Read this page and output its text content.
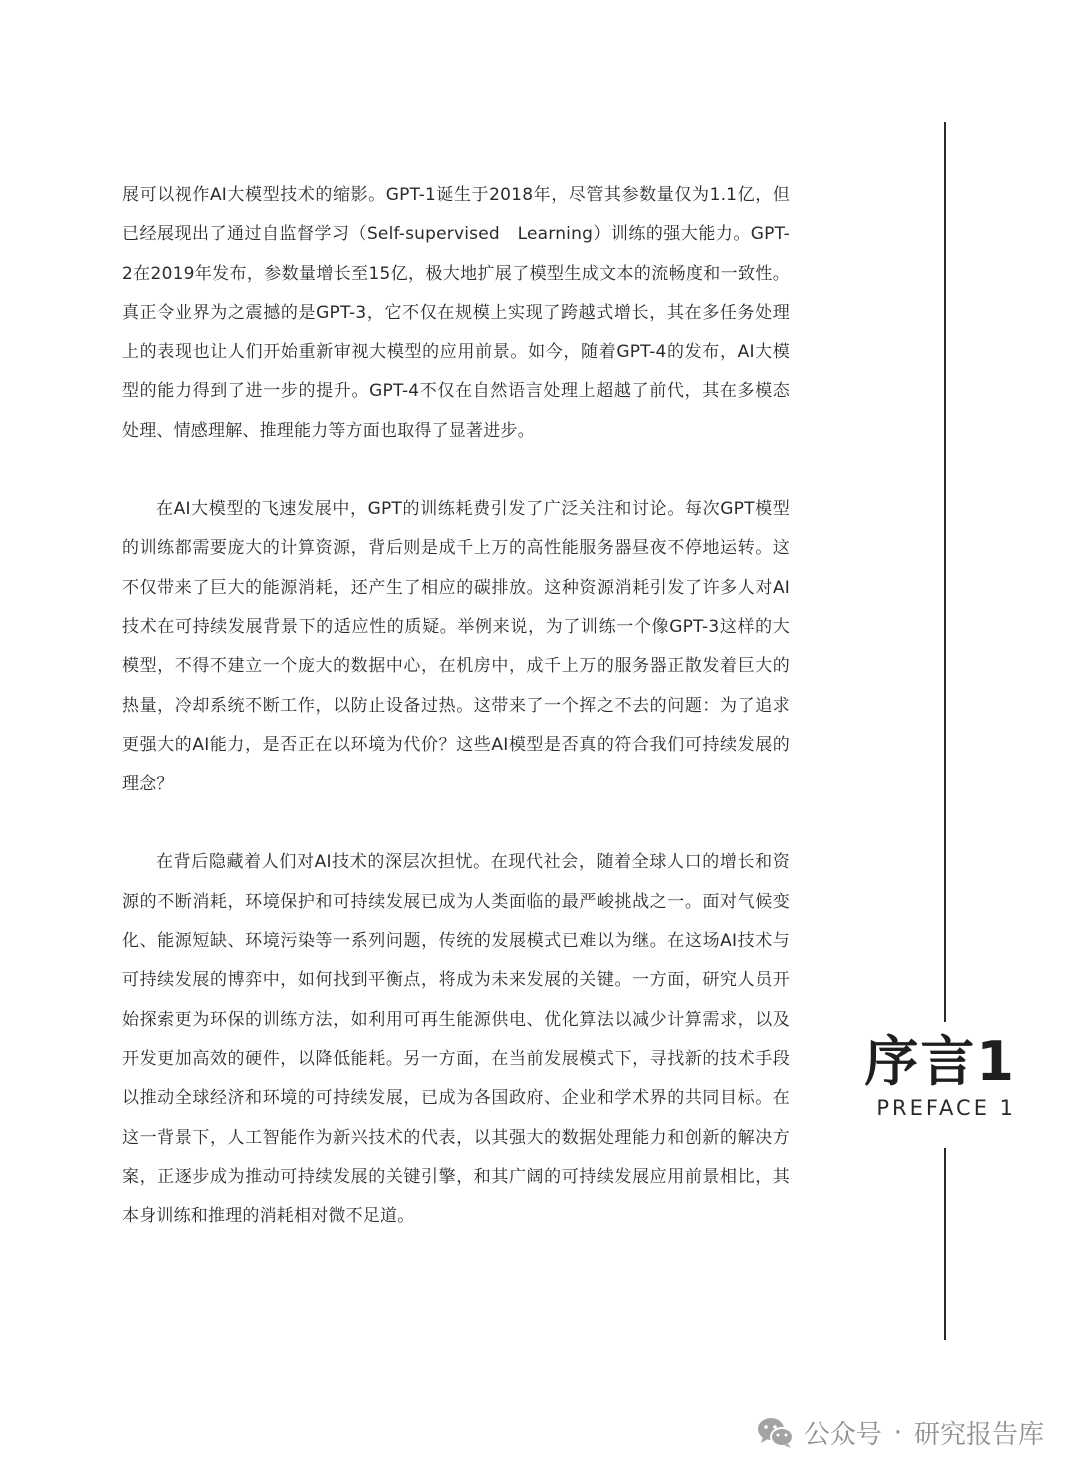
展可以视作AI大模型技术的缩影。GPT-1诞生于2018年，尽管其参数量仅为1.1亿，但已经展现出了通过自监督学习（Self-supervised　Learning）训练的强大能力。GPT-2在2019年发布，参数量增长至15亿，极大地扩展了模型生成文本的流畅度和一致性。真正令业界为之震撼的是GPT-3，它不仅在规模上实现了跨越式增长，其在多任务处理上的表现也让人们开始重新审视大模型的应用前景。如今，随着GPT-4的发布，AI大模型的能力得到了进一步的提升。GPT-4不仅在自然语言处理上超越了前代，其在多模态处理、情感理解、推理能力等方面也取得了显著进步。

在AI大模型的飞速发展中，GPT的训练耗费引发了广泛关注和讨论。每次GPT模型的训练都需要庞大的计算资源，背后则是成千上万的高性能服务器昼夜不停地运转。这不仅带来了巨大的能源消耗，还产生了相应的碳排放。这种资源消耗引发了许多人对AI技术在可持续发展背景下的适应性的质疑。举例来说，为了训练一个像GPT-3这样的大模型，不得不建立一个庞大的数据中心，在机房中，成千上万的服务器正散发着巨大的热量，冷却系统不断工作，以防止设备过热。这带来了一个挥之不去的问题：为了追求更强大的AI能力，是否正在以环境为代价？这些AI模型是否真的符合我们可持续发展的理念？

在背后隐藏着人们对AI技术的深层次担忧。在现代社会，随着全球人口的增长和资源的不断消耗，环境保护和可持续发展已成为人类面临的最严峻挑战之一。面对气候变化、能源短缺、环境污染等一系列问题，传统的发展模式已难以为继。在这场AI技术与可持续发展的博弈中，如何找到平衡点，将成为未来发展的关键。一方面，研究人员开始探索更为环保的训练方法，如利用可再生能源供电、优化算法以减少计算需求，以及开发更加高效的硬件，以降低能耗。另一方面，在当前发展模式下，寻找新的技术手段以推动全球经济和环境的可持续发展，已成为各国政府、企业和学术界的共同目标。在这一背景下，人工智能作为新兴技术的代表，以其强大的数据处理能力和创新的解决方案，正逐步成为推动可持续发展的关键引擎，和其广阔的可持续发展应用前景相比，其本身训练和推理的消耗相对微不足道。

序言1
PREFACE 1
公众号 · 研究报告库
